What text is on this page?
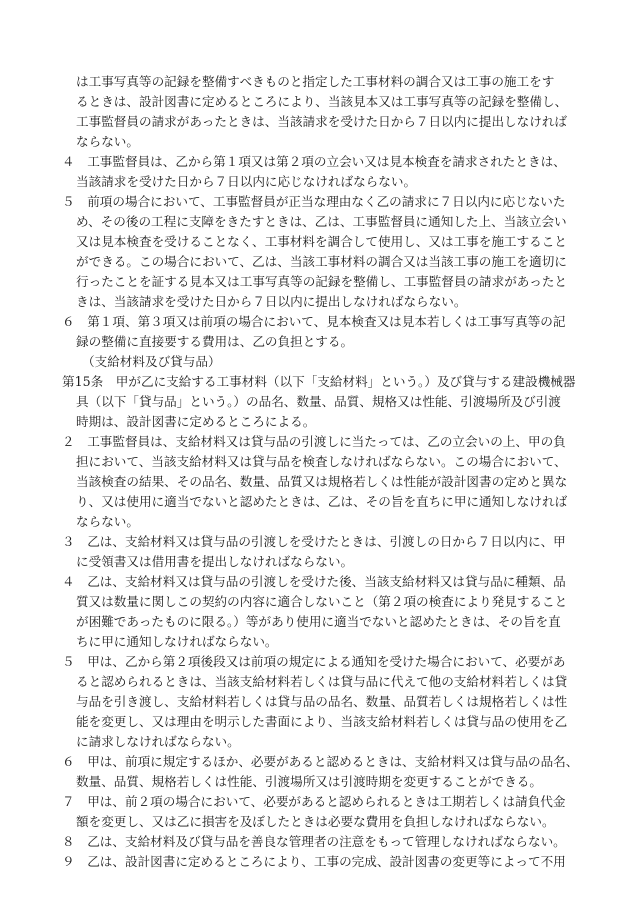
は工事写真等の記録を整備すべきものと指定した工事材料の調合又は工事の施工をす
るときは、設計図書に定めるところにより、当該見本又は工事写真等の記録を整備し、
工事監督員の請求があったときは、当該請求を受けた日から７日以内に提出しなければ
ならない。
４　工事監督員は、乙から第１項又は第２項の立会い又は見本検査を請求されたときは、
当該請求を受けた日から７日以内に応じなければならない。
５　前項の場合において、工事監督員が正当な理由なく乙の請求に７日以内に応じないた
め、その後の工程に支障をきたすときは、乙は、工事監督員に通知した上、当該立会い
又は見本検査を受けることなく、工事材料を調合して使用し、又は工事を施工すること
ができる。この場合において、乙は、当該工事材料の調合又は当該工事の施工を適切に
行ったことを証する見本又は工事写真等の記録を整備し、工事監督員の請求があったと
きは、当該請求を受けた日から７日以内に提出しなければならない。
６　第１項、第３項又は前項の場合において、見本検査又は見本若しくは工事写真等の記
録の整備に直接要する費用は、乙の負担とする。
（支給材料及び貸与品）
第15条　甲が乙に支給する工事材料（以下「支給材料」という。）及び貸与する建設機械器
具（以下「貸与品」という。）の品名、数量、品質、規格又は性能、引渡場所及び引渡
時期は、設計図書に定めるところによる。
２　工事監督員は、支給材料又は貸与品の引渡しに当たっては、乙の立会いの上、甲の負
担において、当該支給材料又は貸与品を検査しなければならない。この場合において、
当該検査の結果、その品名、数量、品質又は規格若しくは性能が設計図書の定めと異な
り、又は使用に適当でないと認めたときは、乙は、その旨を直ちに甲に通知しなければ
ならない。
３　乙は、支給材料又は貸与品の引渡しを受けたときは、引渡しの日から７日以内に、甲
に受領書又は借用書を提出しなければならない。
４　乙は、支給材料又は貸与品の引渡しを受けた後、当該支給材料又は貸与品に種類、品
質又は数量に関しこの契約の内容に適合しないこと（第２項の検査により発見すること
が困難であったものに限る。）等があり使用に適当でないと認めたときは、その旨を直
ちに甲に通知しなければならない。
５　甲は、乙から第２項後段又は前項の規定による通知を受けた場合において、必要があ
ると認められるときは、当該支給材料若しくは貸与品に代えて他の支給材料若しくは貸
与品を引き渡し、支給材料若しくは貸与品の品名、数量、品質若しくは規格若しくは性
能を変更し、又は理由を明示した書面により、当該支給材料若しくは貸与品の使用を乙
に請求しなければならない。
６　甲は、前項に規定するほか、必要があると認めるときは、支給材料又は貸与品の品名、
数量、品質、規格若しくは性能、引渡場所又は引渡時期を変更することができる。
７　甲は、前２項の場合において、必要があると認められるときは工期若しくは請負代金
額を変更し、又は乙に損害を及ぼしたときは必要な費用を負担しなければならない。
８　乙は、支給材料及び貸与品を善良な管理者の注意をもって管理しなければならない。
９　乙は、設計図書に定めるところにより、工事の完成、設計図書の変更等によって不用
